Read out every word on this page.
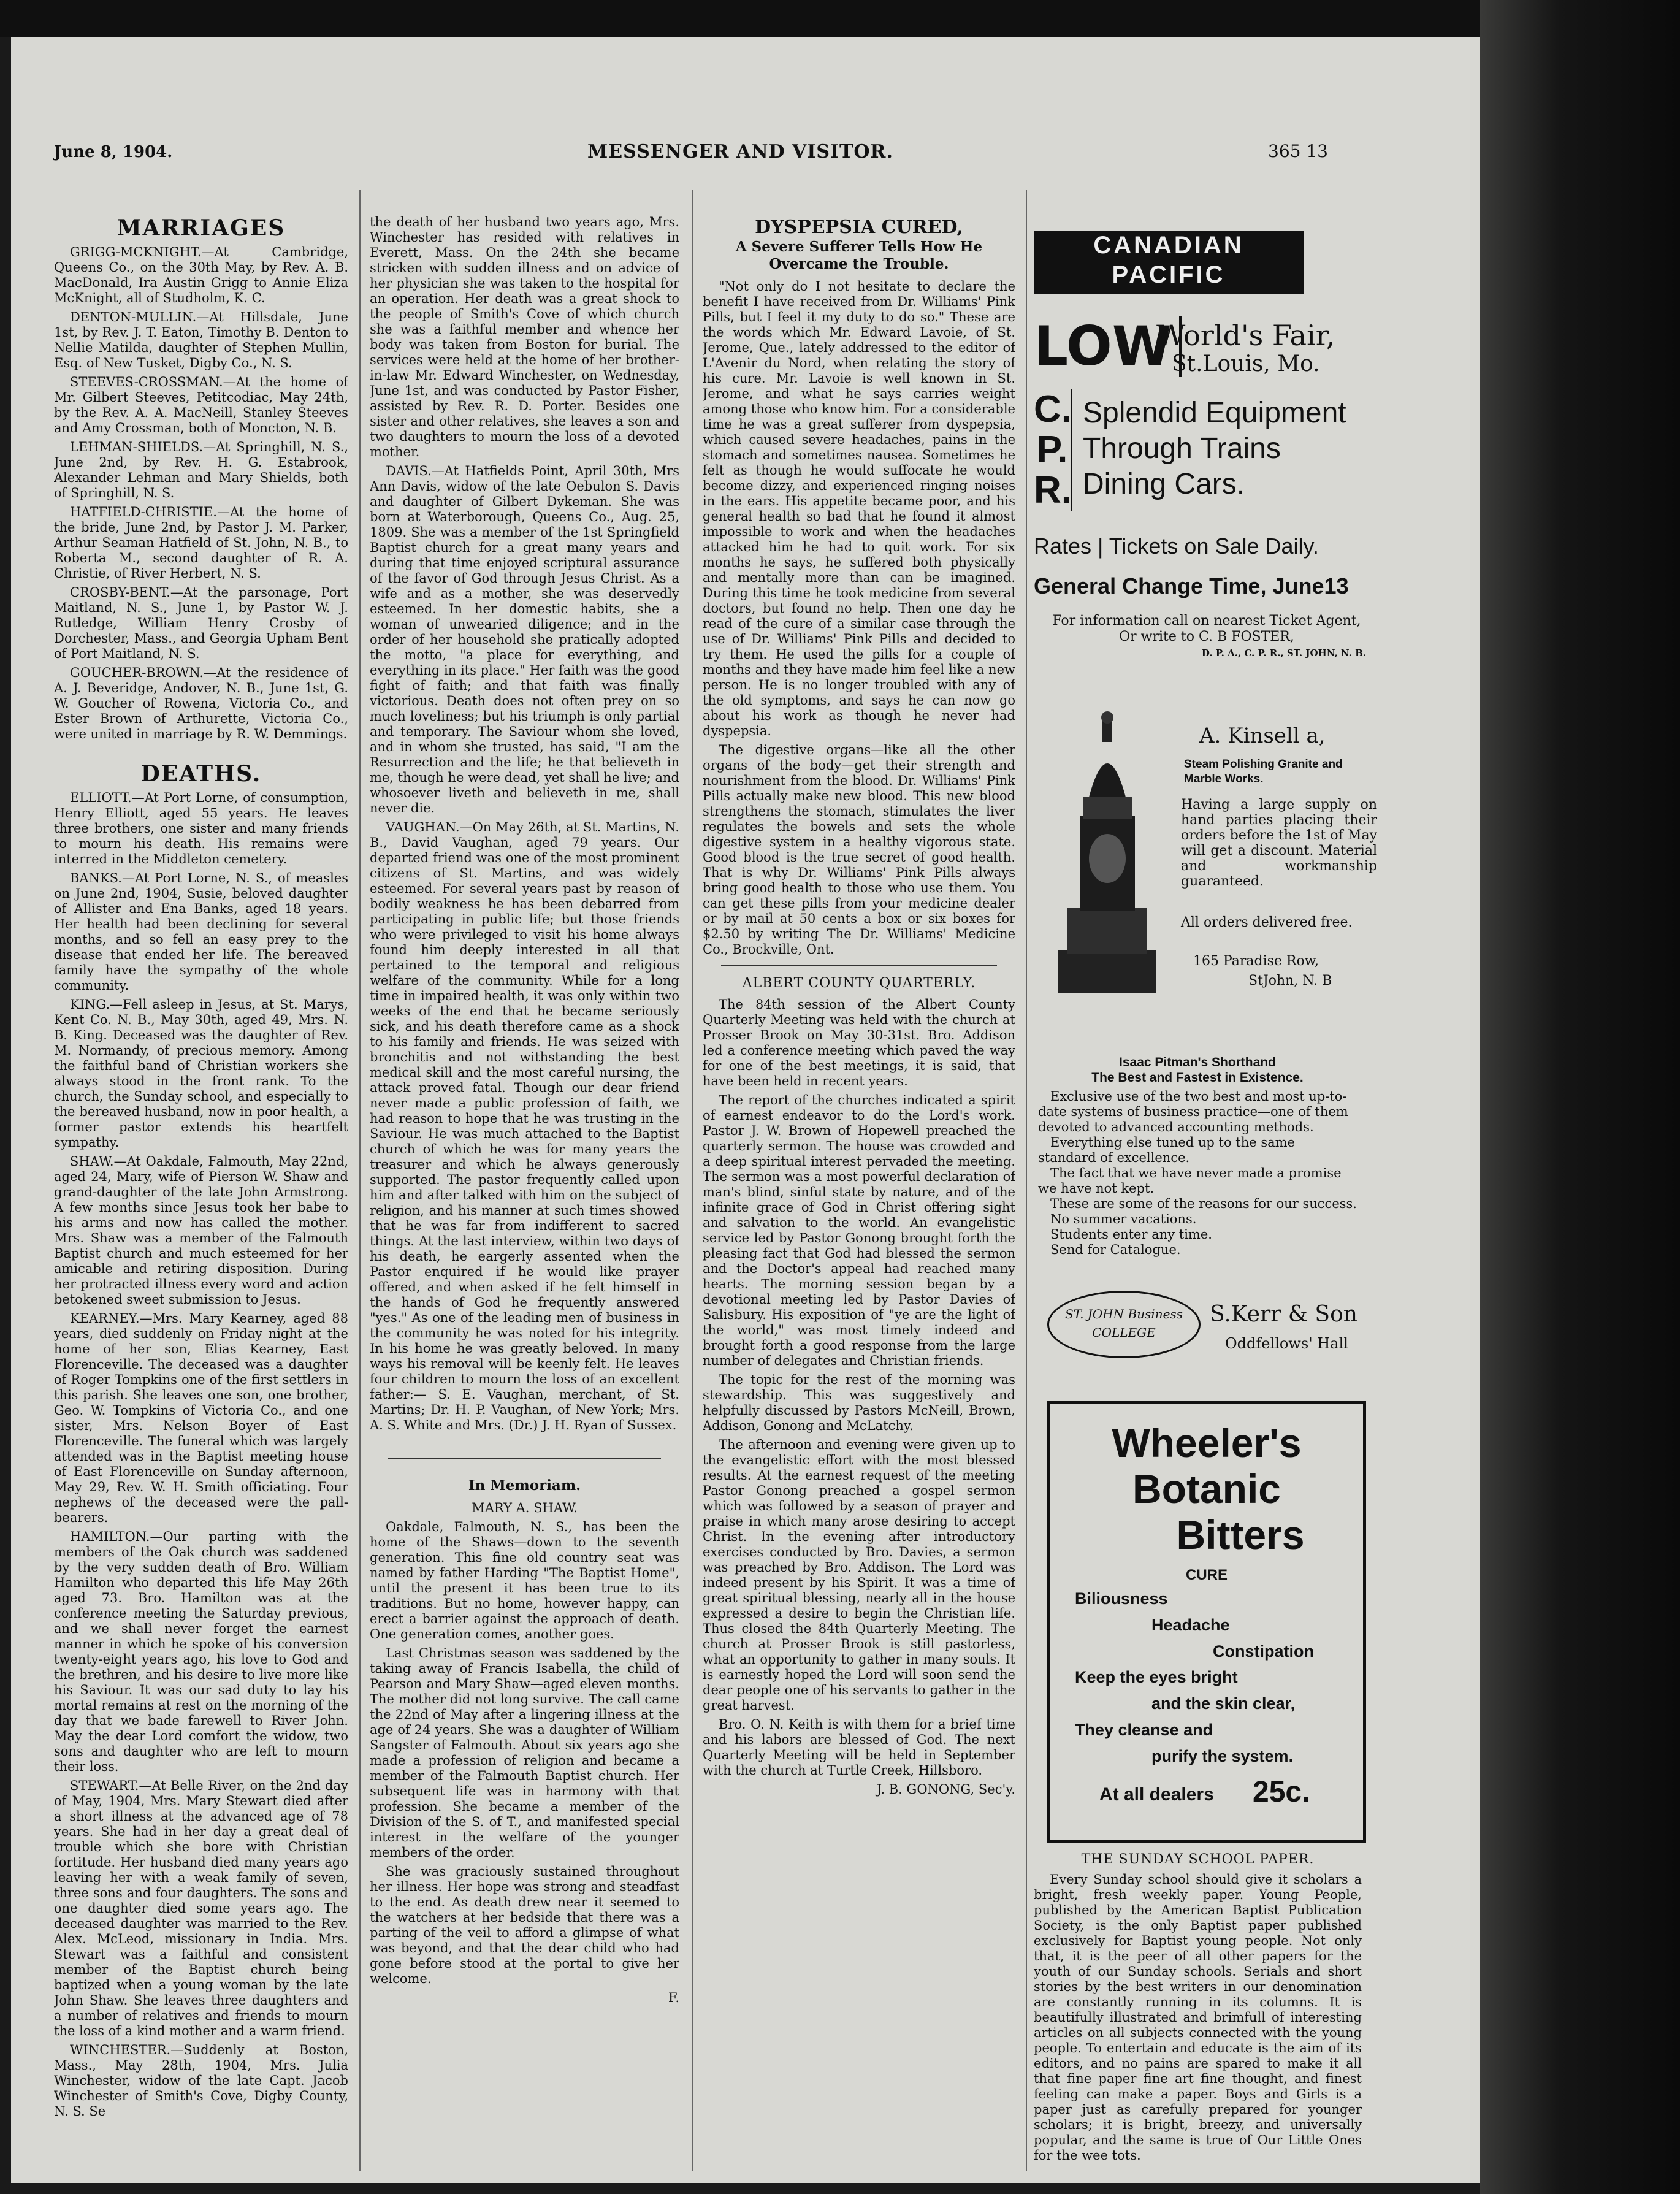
June 8, 1904.	MESSENGER AND VISITOR.	365 13
MARRIAGES

GRIGG-MCKNIGHT.—At Cambridge, Queens Co., on the 30th May, by Rev. A. B. MacDonald, Ira Austin Grigg to Annie Eliza McKnight, all of Studholm, K. C.

DENTON-MULLIN.—At Hillsdale, June 1st, by Rev. J. T. Eaton, Timothy B. Denton to Nellie Matilda, daughter of Stephen Mullin, Esq. of New Tusket, Digby Co., N. S.

STEEVES-CROSSMAN.—At the home of Mr. Gilbert Steeves, Petitcodiac, May 24th, by the Rev. A. A. MacNeill, Stanley Steeves and Amy Crossman, both of Moncton, N. B.

LEHMAN-SHIELDS.—At Springhill, N. S., June 2nd, by Rev. H. G. Estabrook, Alexander Lehman and Mary Shields, both of Springhill, N. S.

HATFIELD-CHRISTIE.—At the home of the bride, June 2nd, by Pastor J. M. Parker, Arthur Seaman Hatfield of St. John, N. B., to Roberta M., second daughter of R. A. Christie, of River Herbert, N. S.

CROSBY-BENT.—At the parsonage, Port Maitland, N. S., June 1, by Pastor W. J. Rutledge, William Henry Crosby of Dorchester, Mass., and Georgia Upham Bent of Port Maitland, N. S.

GOUCHER-BROWN.—At the residence of A. J. Beveridge, Andover, N. B., June 1st, G. W. Goucher of Rowena, Victoria Co., and Ester Brown of Arthurette, Victoria Co., were united in marriage by R. W. Demmings.

DEATHS.

ELLIOTT.—At Port Lorne, of consumption, Henry Elliott, aged 55 years. He leaves three brothers, one sister and many friends to mourn his death. His remains were interred in the Middleton cemetery.

BANKS.—At Port Lorne, N. S., of measles on June 2nd, 1904, Susie, beloved daughter of Allister and Ena Banks, aged 18 years. Her health had been declining for several months, and so fell an easy prey to the disease that ended her life. The bereaved family have the sympathy of the whole community.

KING.—Fell asleep in Jesus, at St. Marys, Kent Co. N. B., May 30th, aged 49, Mrs. N. B. King. Deceased was the daughter of Rev. M. Normandy, of precious memory. Among the faithful band of Christian workers she always stood in the front rank. To the church, the Sunday school, and especially to the bereaved husband, now in poor health, a former pastor extends his heartfelt sympathy.

SHAW.—At Oakdale, Falmouth, May 22nd, aged 24, Mary, wife of Pierson W. Shaw and grand-daughter of the late John Armstrong. A few months since Jesus took her babe to his arms and now has called the mother. Mrs. Shaw was a member of the Falmouth Baptist church and much esteemed for her amicable and retiring disposition. During her protracted illness every word and action betokened sweet submission to Jesus.

KEARNEY.—Mrs. Mary Kearney, aged 88 years, died suddenly on Friday night at the home of her son, Elias Kearney, East Florenceville. The deceased was a daughter of Roger Tompkins one of the first settlers in this parish. She leaves one son, one brother, Geo. W. Tompkins of Victoria Co., and one sister, Mrs. Nelson Boyer of East Florenceville. The funeral which was largely attended was in the Baptist meeting house of East Florenceville on Sunday afternoon, May 29, Rev. W. H. Smith officiating. Four nephews of the deceased were the pall-bearers.

HAMILTON.—Our parting with the members of the Oak church was saddened by the very sudden death of Bro. William Hamilton who departed this life May 26th aged 73. Bro. Hamilton was at the conference meeting the Saturday previous, and we shall never forget the earnest manner in which he spoke of his conversion twenty-eight years ago, his love to God and the brethren, and his desire to live more like his Saviour. It was our sad duty to lay his mortal remains at rest on the morning of the day that we bade farewell to River John. May the dear Lord comfort the widow, two sons and daughter who are left to mourn their loss.

STEWART.—At Belle River, on the 2nd day of May, 1904, Mrs. Mary Stewart died after a short illness at the advanced age of 78 years. She had in her day a great deal of trouble which she bore with Christian fortitude. Her husband died many years ago leaving her with a weak family of seven, three sons and four daughters. The sons and one daughter died some years ago. The deceased daughter was married to the Rev. Alex. McLeod, missionary in India. Mrs. Stewart was a faithful and consistent member of the Baptist church being baptized when a young woman by the late John Shaw. She leaves three daughters and a number of relatives and friends to mourn the loss of a kind mother and a warm friend.

WINCHESTER.—Suddenly at Boston, Mass., May 28th, 1904, Mrs. Julia Winchester, widow of the late Capt. Jacob Winchester of Smith's Cove, Digby County, N. S. Se

the death of her husband two years ago, Mrs. Winchester has resided with relatives in Everett, Mass. On the 24th she became stricken with sudden illness and on advice of her physician she was taken to the hospital for an operation. Her death was a great shock to the people of Smith's Cove of which church she was a faithful member and whence her body was taken from Boston for burial. The services were held at the home of her brother-in-law Mr. Edward Winchester, on Wednesday, June 1st, and was conducted by Pastor Fisher, assisted by Rev. R. D. Porter. Besides one sister and other relatives, she leaves a son and two daughters to mourn the loss of a devoted mother.

DAVIS.—At Hatfields Point, April 30th, Mrs Ann Davis, widow of the late Oebulon S. Davis and daughter of Gilbert Dykeman. She was born at Waterborough, Queens Co., Aug. 25, 1809. She was a member of the 1st Springfield Baptist church for a great many years and during that time enjoyed scriptural assurance of the favor of God through Jesus Christ. As a wife and as a mother, she was deservedly esteemed. In her domestic habits, she a woman of unwearied diligence; and in the order of her household she pratically adopted the motto, "a place for everything, and everything in its place." Her faith was the good fight of faith; and that faith was finally victorious. Death does not often prey on so much loveliness; but his triumph is only partial and temporary. The Saviour whom she loved, and in whom she trusted, has said, "I am the Resurrection and the life; he that believeth in me, though he were dead, yet shall he live; and whosoever liveth and believeth in me, shall never die.

VAUGHAN.—On May 26th, at St. Martins, N. B., David Vaughan, aged 79 years. Our departed friend was one of the most prominent citizens of St. Martins, and was widely esteemed. For several years past by reason of bodily weakness he has been debarred from participating in public life; but those friends who were privileged to visit his home always found him deeply interested in all that pertained to the temporal and religious welfare of the community. While for a long time in impaired health, it was only within two weeks of the end that he became seriously sick, and his death therefore came as a shock to his family and friends. He was seized with bronchitis and not withstanding the best medical skill and the most careful nursing, the attack proved fatal. Though our dear friend never made a public profession of faith, we had reason to hope that he was trusting in the Saviour. He was much attached to the Baptist church of which he was for many years the treasurer and which he always generously supported. The pastor frequently called upon him and after talked with him on the subject of religion, and his manner at such times showed that he was far from indifferent to sacred things. At the last interview, within two days of his death, he eargerly assented when the Pastor enquired if he would like prayer offered, and when asked if he felt himself in the hands of God he frequently answered "yes." As one of the leading men of business in the community he was noted for his integrity. In his home he was greatly beloved. In many ways his removal will be keenly felt. He leaves four children to mourn the loss of an excellent father:— S. E. Vaughan, merchant, of St. Martins; Dr. H. P. Vaughan, of New York; Mrs. A. S. White and Mrs. (Dr.) J. H. Ryan of Sussex.

In Memoriam.

MARY A. SHAW.

Oakdale, Falmouth, N. S., has been the home of the Shaws—down to the seventh generation. This fine old country seat was named by father Harding "The Baptist Home", until the present it has been true to its traditions. But no home, however happy, can erect a barrier against the approach of death. One generation comes, another goes.

Last Christmas season was saddened by the taking away of Francis Isabella, the child of Pearson and Mary Shaw—aged eleven months. The mother did not long survive. The call came the 22nd of May after a lingering illness at the age of 24 years. She was a daughter of William Sangster of Falmouth. About six years ago she made a profession of religion and became a member of the Falmouth Baptist church. Her subsequent life was in harmony with that profession. She became a member of the Division of the S. of T., and manifested special interest in the welfare of the younger members of the order.

She was graciously sustained throughout her illness. Her hope was strong and steadfast to the end. As death drew near it seemed to the watchers at her bedside that there was a parting of the veil to afford a glimpse of what was beyond, and that the dear child who had gone before stood at the portal to give her welcome.

F.

DYSPEPSIA CURED,
A Severe Sufferer Tells How He Overcame the Trouble.

"Not only do I not hesitate to declare the benefit I have received from Dr. Williams' Pink Pills, but I feel it my duty to do so." These are the words which Mr. Edward Lavoie, of St. Jerome, Que., lately addressed to the editor of L'Avenir du Nord, when relating the story of his cure. Mr. Lavoie is well known in St. Jerome, and what he says carries weight among those who know him. For a considerable time he was a great sufferer from dyspepsia, which caused severe headaches, pains in the stomach and sometimes nausea. Sometimes he felt as though he would suffocate he would become dizzy, and experienced ringing noises in the ears. His appetite became poor, and his general health so bad that he found it almost impossible to work and when the headaches attacked him he had to quit work. For six months he says, he suffered both physically and mentally more than can be imagined. During this time he took medicine from several doctors, but found no help. Then one day he read of the cure of a similar case through the use of Dr. Williams' Pink Pills and decided to try them. He used the pills for a couple of months and they have made him feel like a new person. He is no longer troubled with any of the old symptoms, and says he can now go about his work as though he never had dyspepsia.

The digestive organs—like all the other organs of the body—get their strength and nourishment from the blood. Dr. Williams' Pink Pills actually make new blood. This new blood strengthens the stomach, stimulates the liver regulates the bowels and sets the whole digestive system in a healthy vigorous state. Good blood is the true secret of good health. That is why Dr. Williams' Pink Pills always bring good health to those who use them. You can get these pills from your medicine dealer or by mail at 50 cents a box or six boxes for $2.50 by writing The Dr. Williams' Medicine Co., Brockville, Ont.

ALBERT COUNTY QUARTERLY.

The 84th session of the Albert County Quarterly Meeting was held with the church at Prosser Brook on May 30-31st. Bro. Addison led a conference meeting which paved the way for one of the best meetings, it is said, that have been held in recent years.

The report of the churches indicated a spirit of earnest endeavor to do the Lord's work. Pastor J. W. Brown of Hopewell preached the quarterly sermon. The house was crowded and a deep spiritual interest pervaded the meeting. The sermon was a most powerful declaration of man's blind, sinful state by nature, and of the infinite grace of God in Christ offering sight and salvation to the world. An evangelistic service led by Pastor Gonong brought forth the pleasing fact that God had blessed the sermon and the Doctor's appeal had reached many hearts. The morning session began by a devotional meeting led by Pastor Davies of Salisbury. His exposition of "ye are the light of the world," was most timely indeed and brought forth a good response from the large number of delegates and Christian friends.

The topic for the rest of the morning was stewardship. This was suggestively and helpfully discussed by Pastors McNeill, Brown, Addison, Gonong and McLatchy.

The afternoon and evening were given up to the evangelistic effort with the most blessed results. At the earnest request of the meeting Pastor Gonong preached a gospel sermon which was followed by a season of prayer and praise in which many arose desiring to accept Christ. In the evening after introductory exercises conducted by Bro. Davies, a sermon was preached by Bro. Addison. The Lord was indeed present by his Spirit. It was a time of great spiritual blessing, nearly all in the house expressed a desire to begin the Christian life. Thus closed the 84th Quarterly Meeting. The church at Prosser Brook is still pastorless, what an opportunity to gather in many souls. It is earnestly hoped the Lord will soon send the dear people one of his servants to gather in the great harvest.

Bro. O. N. Keith is with them for a brief time and his labors are blessed of God. The next Quarterly Meeting will be held in September with the church at Turtle Creek, Hillsboro.

J. B. GONONG, Sec'y.

CANADIAN
PACIFIC
LOW
World's Fair,
St.Louis, Mo.
C.
P.
R.
Splendid Equipment
Through Trains
Dining Cars.
Rates | Tickets on Sale Daily.
General Change Time, June13
For information call on nearest Ticket Agent, Or write to C. B FOSTER,
D. P. A., C. P. R., ST. JOHN, N. B.
A. Kinsell a,
Steam Polishing Granite and Marble Works.
Having a large supply on hand parties placing their orders before the 1st of May will get a discount. Material and workmanship guaranteed.
All orders delivered free.
165 Paradise Row,
StJohn, N. B
Isaac Pitman's Shorthand
The Best and Fastest in Existence.
Exclusive use of the two best and most up-to-date systems of business practice—one of them devoted to advanced accounting methods.
Everything else tuned up to the same standard of excellence.
The fact that we have never made a promise we have not kept.
These are some of the reasons for our success.
No summer vacations.
Students enter any time.
Send for Catalogue.
ST. JOHN Business COLLEGE
S.Kerr & Son
Oddfellows' Hall
Wheeler's
Botanic
Bitters
CURE
Biliousness
Headache
Constipation
Keep the eyes bright
and the skin clear,
They cleanse and
purify the system.
At all dealers 25c.
THE SUNDAY SCHOOL PAPER.

Every Sunday school should give it scholars a bright, fresh weekly paper. Young People, published by the American Baptist Publication Society, is the only Baptist paper published exclusively for Baptist young people. Not only that, it is the peer of all other papers for the youth of our Sunday schools. Serials and short stories by the best writers in our denomination are constantly running in its columns. It is beautifully illustrated and brimfull of interesting articles on all subjects connected with the young people. To entertain and educate is the aim of its editors, and no pains are spared to make it all that fine paper fine art fine thought, and finest feeling can make a paper. Boys and Girls is a paper just as carefully prepared for younger scholars; it is bright, breezy, and universally popular, and the same is true of Our Little Ones for the wee tots.
